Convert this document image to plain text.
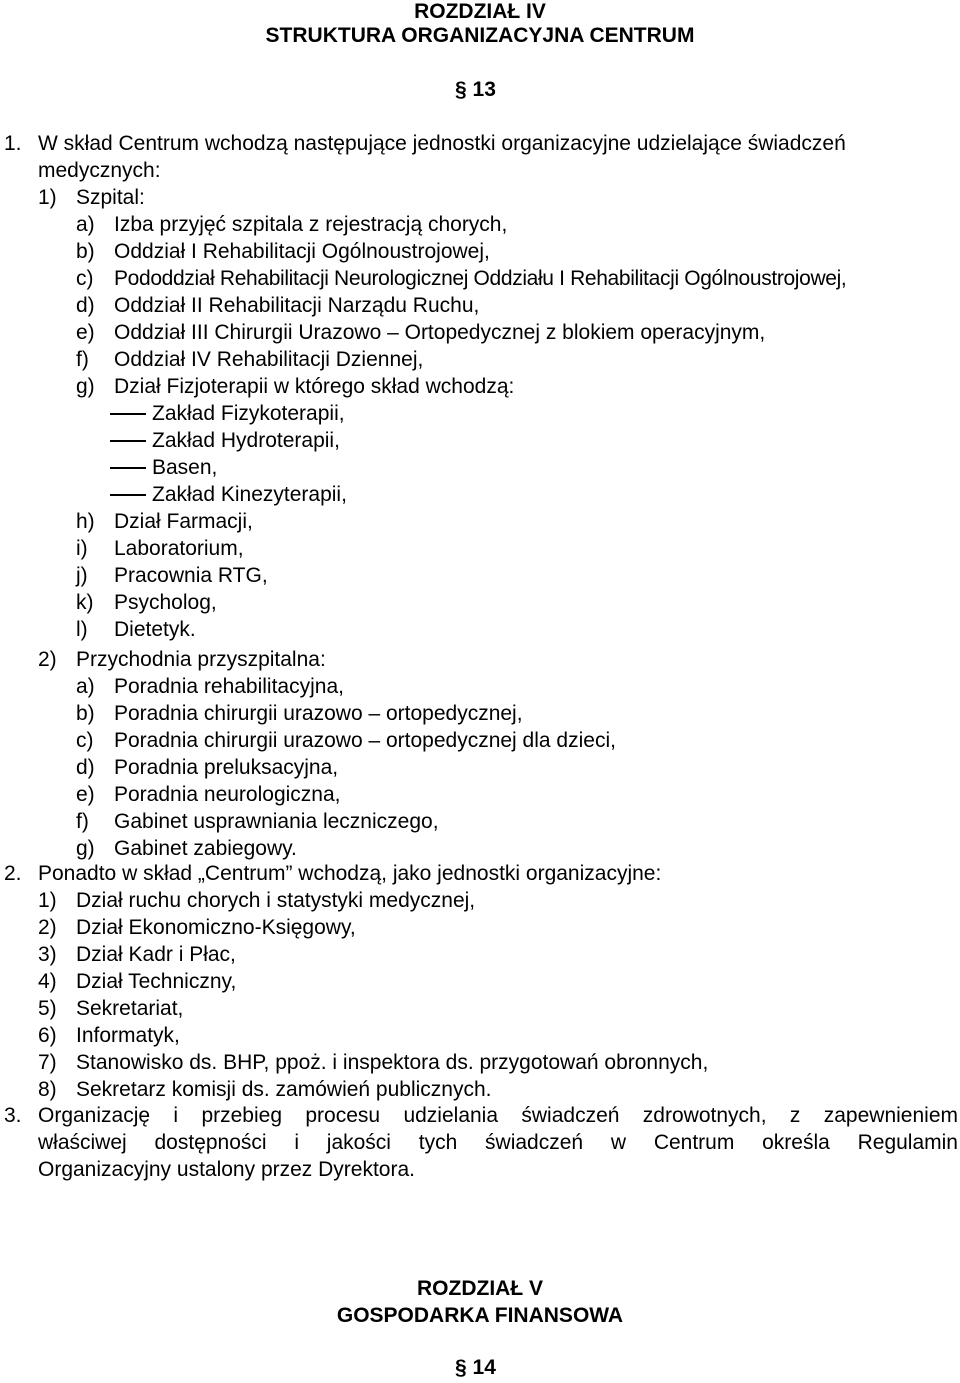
ROZDZIAŁ IV
STRUKTURA ORGANIZACYJNA CENTRUM
§ 13
1. W skład Centrum wchodzą następujące jednostki organizacyjne udzielające świadczeń
medycznych:
1) Szpital:
a) Izba przyjęć szpitala z rejestracją chorych,
b) Oddział I Rehabilitacji Ogólnoustrojowej,
c) Pododdział Rehabilitacji Neurologicznej Oddziału I Rehabilitacji Ogólnoustrojowej,
d) Oddział II Rehabilitacji Narządu Ruchu,
e) Oddział III Chirurgii Urazowo – Ortopedycznej z blokiem operacyjnym,
f) Oddział IV Rehabilitacji Dziennej,
g) Dział Fizjoterapii w którego skład wchodzą:
Zakład Fizykoterapii,
Zakład Hydroterapii,
Basen,
Zakład Kinezyterapii,
h) Dział Farmacji,
i) Laboratorium,
j) Pracownia RTG,
k) Psycholog,
l) Dietetyk.
2) Przychodnia przyszpitalna:
a) Poradnia rehabilitacyjna,
b) Poradnia chirurgii urazowo – ortopedycznej,
c) Poradnia chirurgii urazowo – ortopedycznej dla dzieci,
d) Poradnia preluksacyjna,
e) Poradnia neurologiczna,
f) Gabinet usprawniania leczniczego,
g) Gabinet zabiegowy.
2. Ponadto w skład „Centrum” wchodzą, jako jednostki organizacyjne:
1) Dział ruchu chorych i statystyki medycznej,
2) Dział Ekonomiczno-Księgowy,
3) Dział Kadr i Płac,
4) Dział Techniczny,
5) Sekretariat,
6) Informatyk,
7) Stanowisko ds. BHP, ppoż. i inspektora ds. przygotowań obronnych,
8) Sekretarz komisji ds. zamówień publicznych.
3. Organizację i przebieg procesu udzielania świadczeń zdrowotnych, z zapewnieniem
właściwej dostępności i jakości tych świadczeń w Centrum określa Regulamin
Organizacyjny ustalony przez Dyrektora.
ROZDZIAŁ V
GOSPODARKA FINANSOWA
§ 14
